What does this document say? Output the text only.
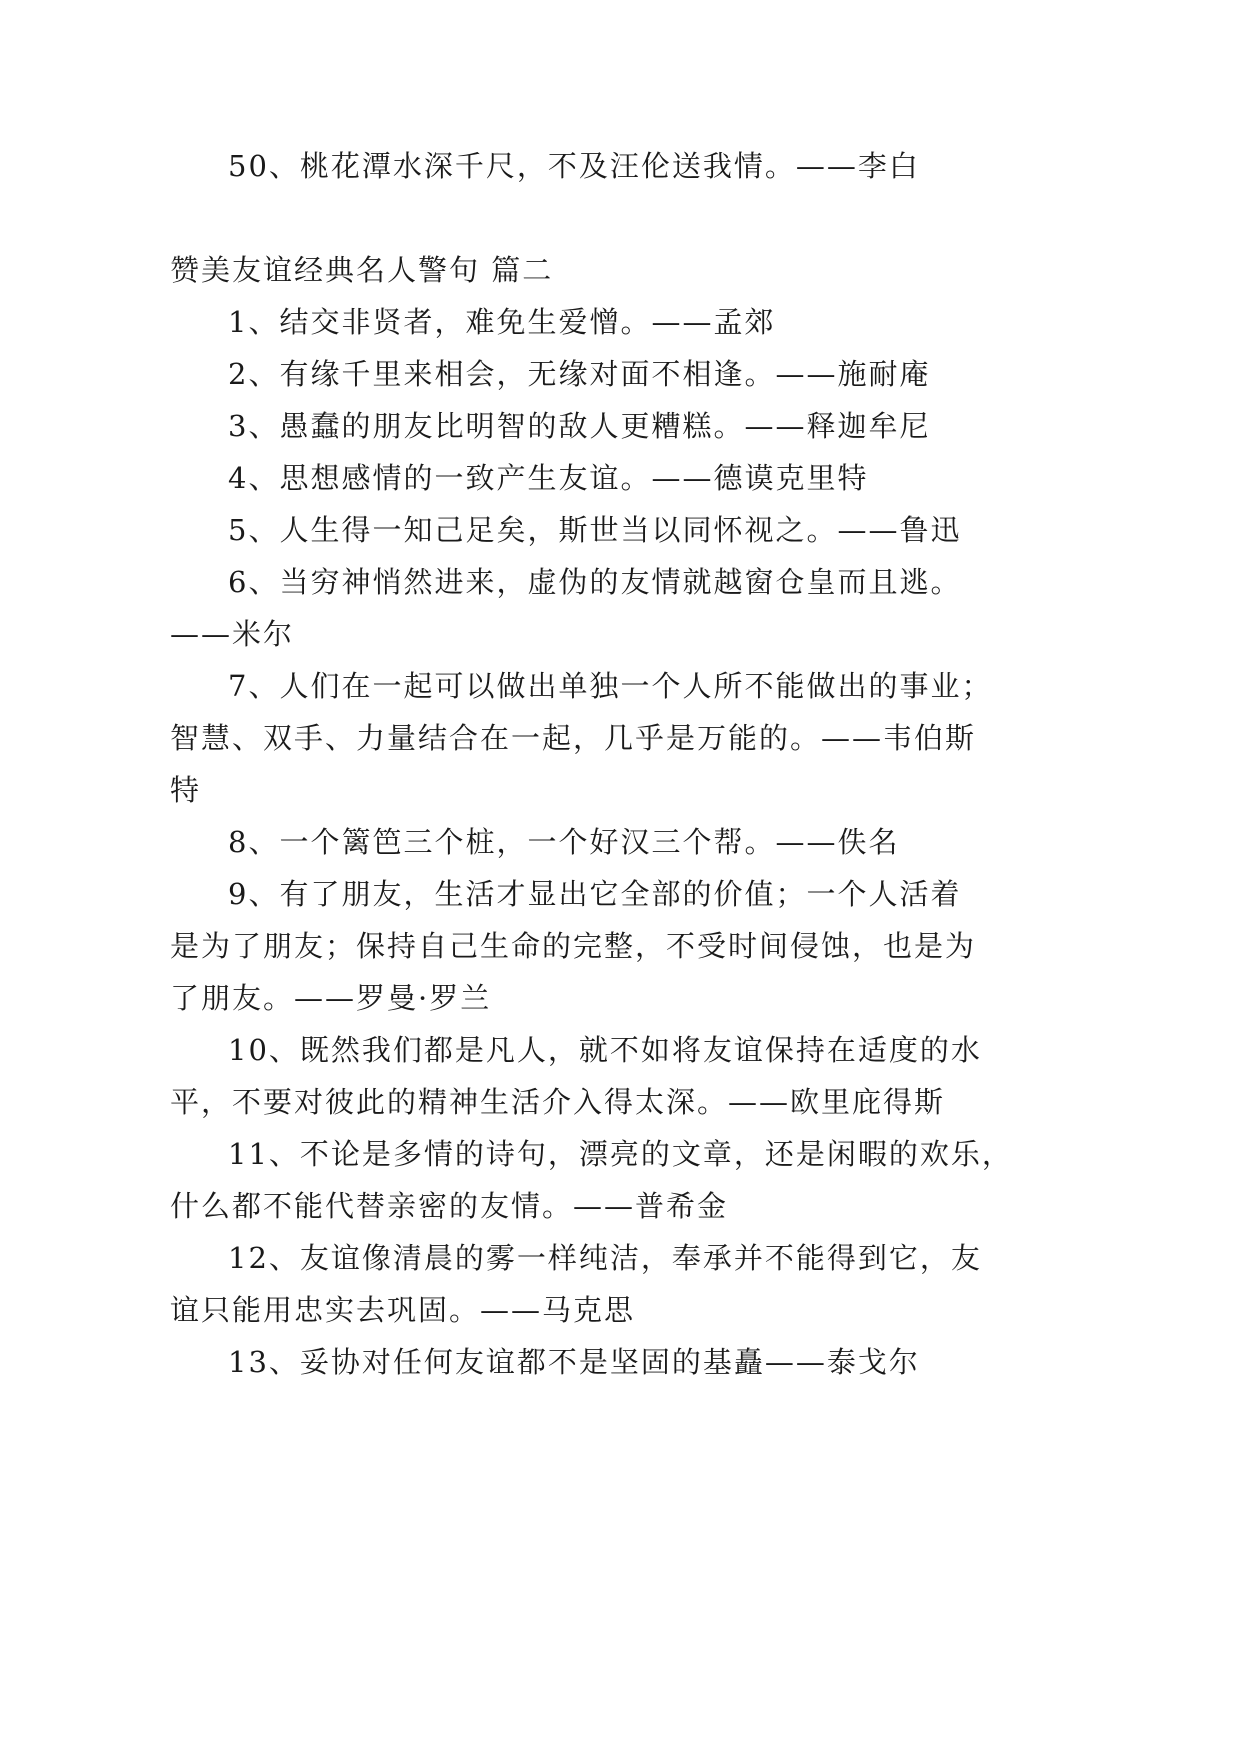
50、桃花潭水深千尺，不及汪伦送我情。——李白
赞美友谊经典名人警句 篇二
1、结交非贤者，难免生爱憎。——孟郊
2、有缘千里来相会，无缘对面不相逢。——施耐庵
3、愚蠢的朋友比明智的敌人更糟糕。——释迦牟尼
4、思想感情的一致产生友谊。——德谟克里特
5、人生得一知己足矣，斯世当以同怀视之。——鲁迅
6、当穷神悄然进来，虚伪的友情就越窗仓皇而且逃。
——米尔
7、人们在一起可以做出单独一个人所不能做出的事业；
智慧、双手、力量结合在一起，几乎是万能的。——韦伯斯
特
8、一个篱笆三个桩，一个好汉三个帮。——佚名
9、有了朋友，生活才显出它全部的价值；一个人活着
是为了朋友；保持自己生命的完整，不受时间侵蚀，也是为
了朋友。——罗曼·罗兰
10、既然我们都是凡人，就不如将友谊保持在适度的水
平，不要对彼此的精神生活介入得太深。——欧里庇得斯
11、不论是多情的诗句，漂亮的文章，还是闲暇的欢乐，
什么都不能代替亲密的友情。——普希金
12、友谊像清晨的雾一样纯洁，奉承并不能得到它，友
谊只能用忠实去巩固。——马克思
13、妥协对任何友谊都不是坚固的基矗——泰戈尔
